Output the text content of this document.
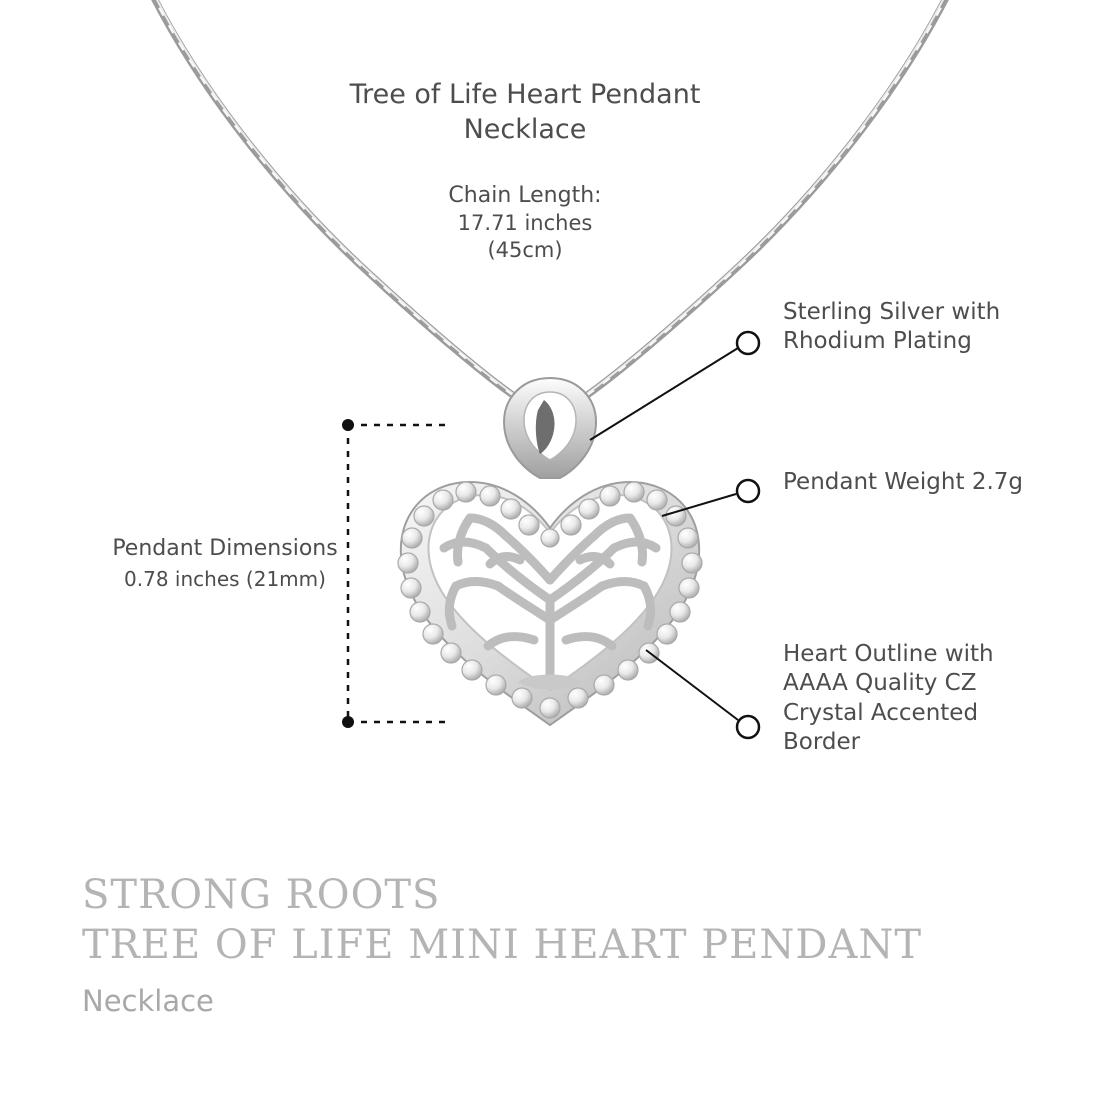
Tree of Life Heart Pendant Necklace
Chain Length:
17.71 inches
(45cm)
Sterling Silver with Rhodium Plating
Pendant Weight 2.7g
Heart Outline with AAAA Quality CZ Crystal Accented Border
Pendant Dimensions
0.78 inches (21mm)
STRONG ROOTS
TREE OF LIFE MINI HEART PENDANT
Necklace
